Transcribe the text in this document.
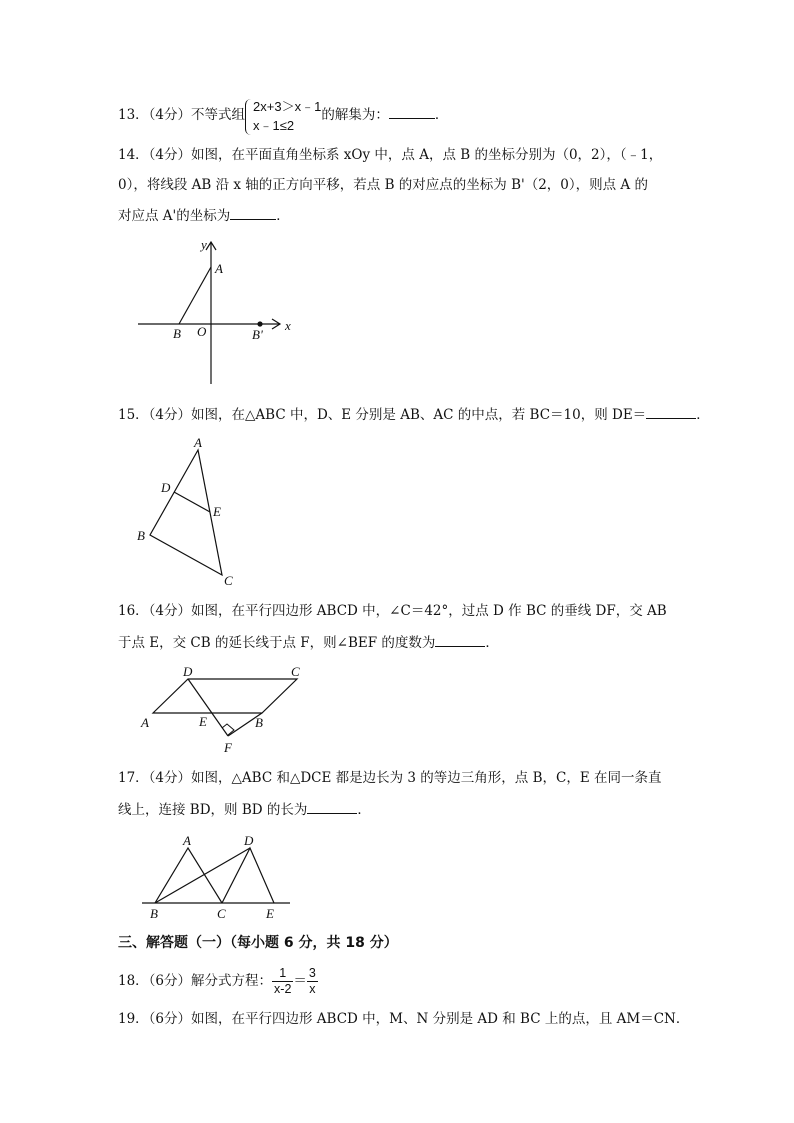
13．（4分）不等式组
2x+3＞x﹣1
x﹣1≤2
的解集为：	．
14．（4分）如图，在平面直角坐标系 xOy 中，点 A，点 B 的坐标分别为（0，2），（﹣1，
0），将线段 AB 沿 x 轴的正方向平移，若点 B 的对应点的坐标为 B'（2，0），则点 A 的
对应点 A'的坐标为	．
y
x
A
B O	B'
15．（4分）如图，在△ABC 中，D、E 分别是 AB、AC 的中点，若 BC＝10，则 DE＝	．
A
D
E
B
C
16．（4分）如图，在平行四边形 ABCD 中，∠C＝42°，过点 D 作 BC 的垂线 DF，交 AB
于点 E，交 CB 的延长线于点 F，则∠BEF 的度数为	．
D	C
A	E	B
F
17．（4分）如图，△ABC 和△DCE 都是边长为 3 的等边三角形，点 B，C，E 在同一条直
线上，连接 BD，则 BD 的长为	．
A	D
B	C	E
三、解答题（一）（每小题 6 分，共 18 分）
18．（6分）解分式方程： $\frac{1}{x-2} = \frac{3}{x}$
19．（6分）如图，在平行四边形 ABCD 中，M、N 分别是 AD 和 BC 上的点，且 AM＝CN．
